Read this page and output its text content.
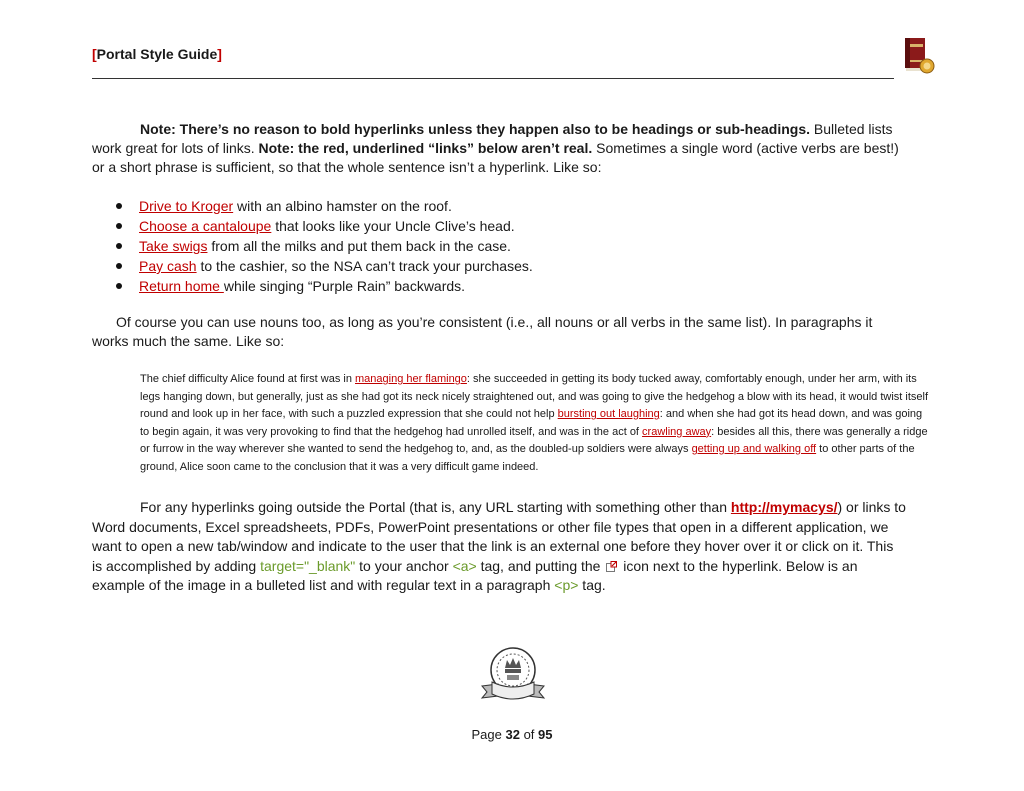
[Portal Style Guide]
Note: There’s no reason to bold hyperlinks unless they happen also to be headings or sub-headings. Bulleted lists work great for lots of links. Note: the red, underlined “links” below aren’t real. Sometimes a single word (active verbs are best!) or a short phrase is sufficient, so that the whole sentence isn’t a hyperlink. Like so:
Drive to Kroger with an albino hamster on the roof.
Choose a cantaloupe that looks like your Uncle Clive’s head.
Take swigs from all the milks and put them back in the case.
Pay cash to the cashier, so the NSA can’t track your purchases.
Return home while singing “Purple Rain” backwards.
Of course you can use nouns too, as long as you’re consistent (i.e., all nouns or all verbs in the same list). In paragraphs it works much the same. Like so:
The chief difficulty Alice found at first was in managing her flamingo: she succeeded in getting its body tucked away, comfortably enough, under her arm, with its legs hanging down, but generally, just as she had got its neck nicely straightened out, and was going to give the hedgehog a blow with its head, it would twist itself round and look up in her face, with such a puzzled expression that she could not help bursting out laughing: and when she had got its head down, and was going to begin again, it was very provoking to find that the hedgehog had unrolled itself, and was in the act of crawling away: besides all this, there was generally a ridge or furrow in the way wherever she wanted to send the hedgehog to, and, as the doubled-up soldiers were always getting up and walking off to other parts of the ground, Alice soon came to the conclusion that it was a very difficult game indeed.
For any hyperlinks going outside the Portal (that is, any URL starting with something other than http://mymacys/) or links to Word documents, Excel spreadsheets, PDFs, PowerPoint presentations or other file types that open in a different application, we want to open a new tab/window and indicate to the user that the link is an external one before they hover over it or click on it. This is accomplished by adding target="_blank" to your anchor <a> tag, and putting the  icon next to the hyperlink. Below is an example of the image in a bulleted list and with regular text in a paragraph <p> tag.
Page 32 of 95
